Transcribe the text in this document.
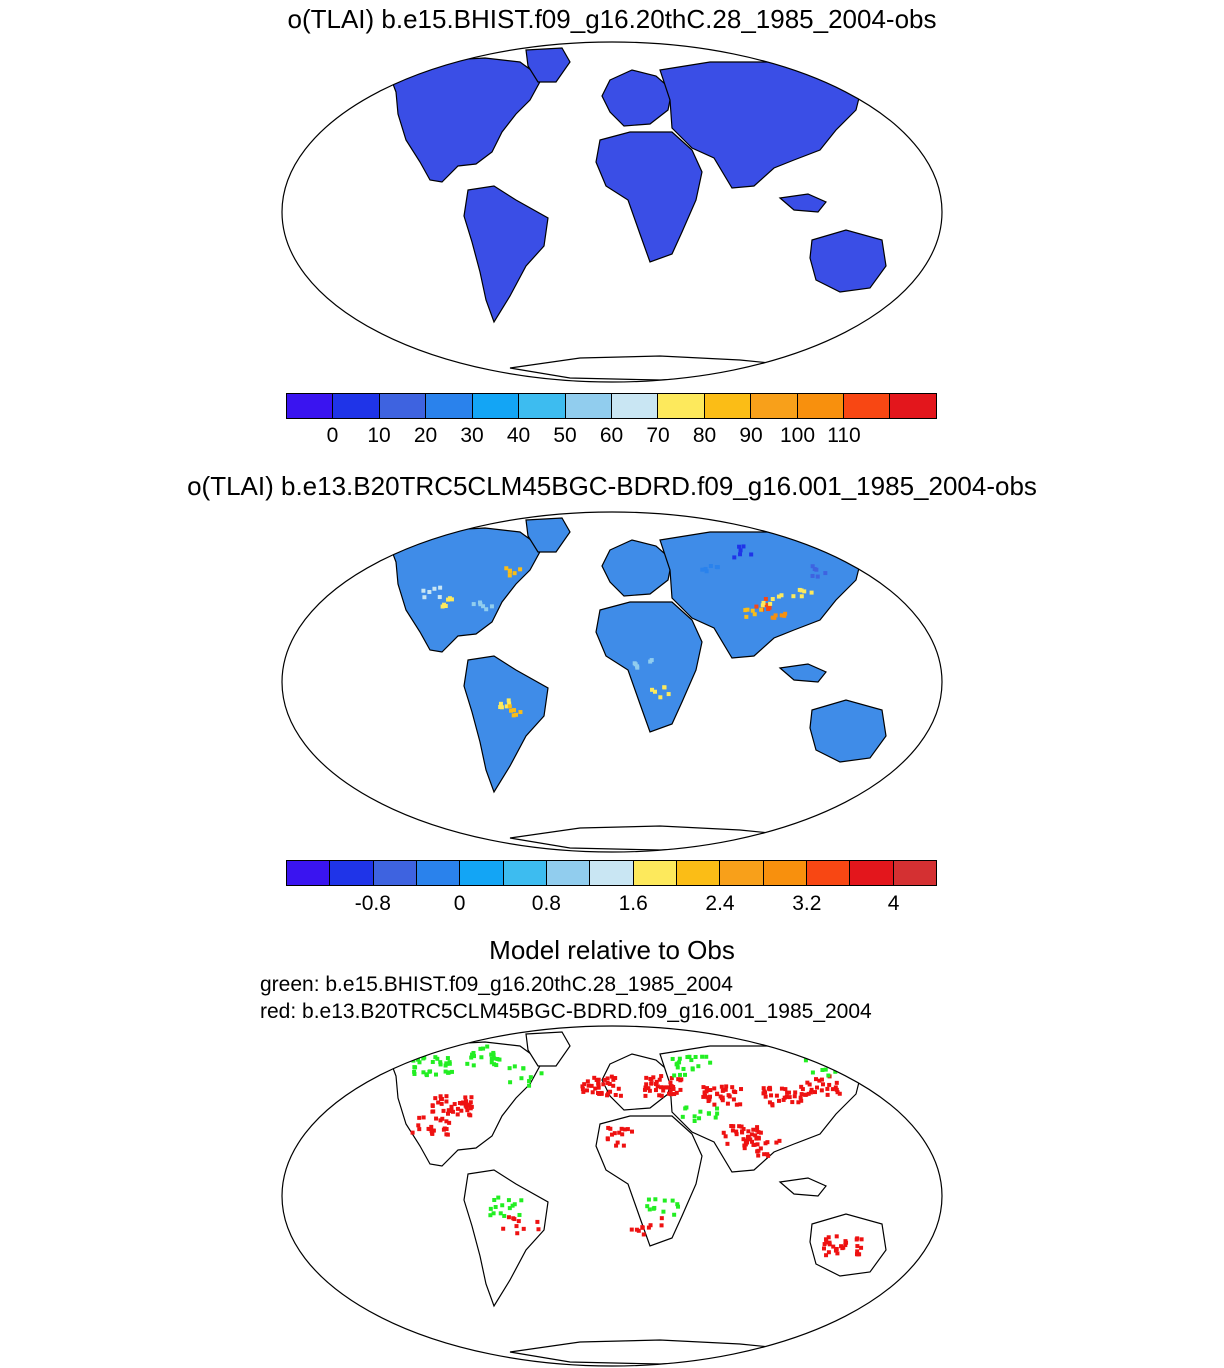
o(TLAI) b.e15.BHIST.f09_g16.20thC.28_1985_2004-obs
0 10 20 30 40 50 60 70 80 90 100 110
o(TLAI) b.e13.B20TRC5CLM45BGC-BDRD.f09_g16.001_1985_2004-obs
-0.8	0	0.8	1.6	2.4	3.2	4
Model relative to Obs
green: b.e15.BHIST.f09_g16.20thC.28_1985_2004
red: b.e13.B20TRC5CLM45BGC-BDRD.f09_g16.001_1985_2004
